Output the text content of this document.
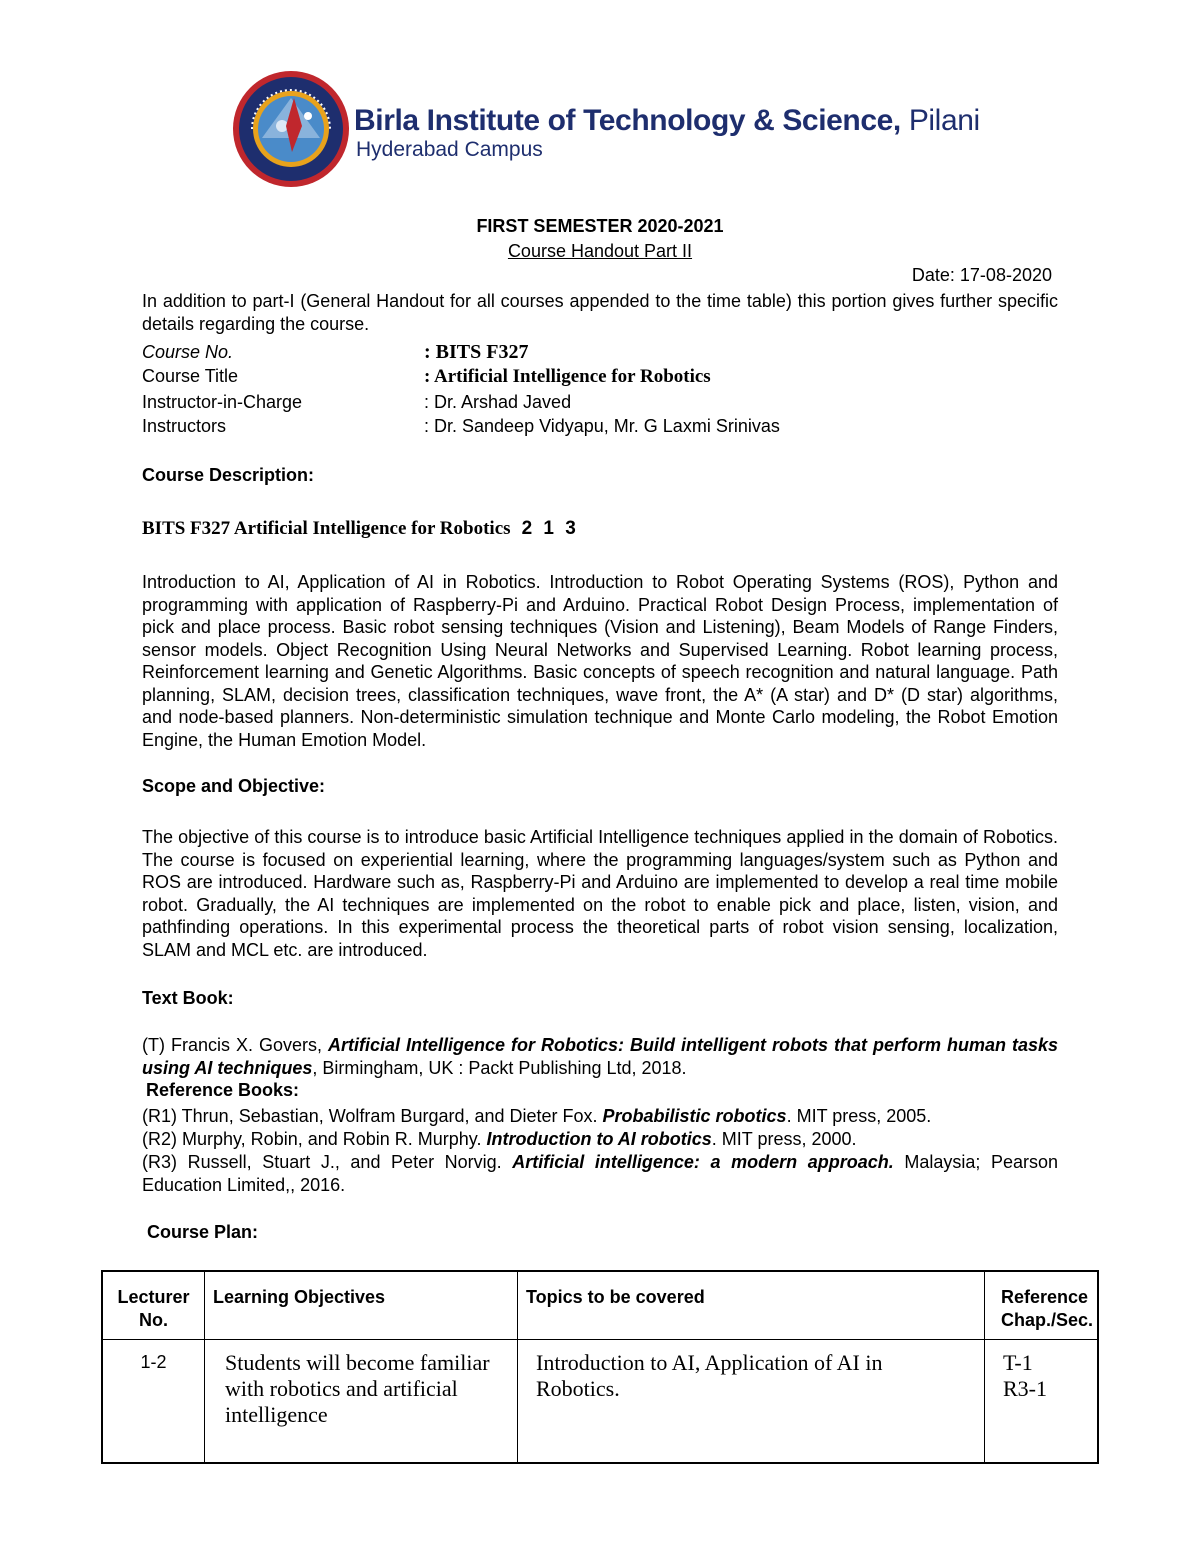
Birla Institute of Technology & Science, Pilani
Hyderabad Campus
FIRST SEMESTER 2020-2021
Course Handout Part II
Date: 17-08-2020
In addition to part-I (General Handout for all courses appended to the time table) this portion gives further specific details regarding the course.
Course No.	: BITS F327
Course Title	: Artificial Intelligence for Robotics
Instructor-in-Charge	: Dr. Arshad Javed
Instructors	: Dr. Sandeep Vidyapu, Mr. G Laxmi Srinivas
Course Description:
BITS F327 Artificial Intelligence for Robotics 2 1 3
Introduction to AI, Application of AI in Robotics. Introduction to Robot Operating Systems (ROS), Python and programming with application of Raspberry-Pi and Arduino. Practical Robot Design Process, implementation of pick and place process. Basic robot sensing techniques (Vision and Listening), Beam Models of Range Finders, sensor models. Object Recognition Using Neural Networks and Supervised Learning. Robot learning process, Reinforcement learning and Genetic Algorithms. Basic concepts of speech recognition and natural language. Path planning, SLAM, decision trees, classification techniques, wave front, the A* (A star) and D* (D star) algorithms, and node-based planners. Non-deterministic simulation technique and Monte Carlo modeling, the Robot Emotion Engine, the Human Emotion Model.
Scope and Objective:
The objective of this course is to introduce basic Artificial Intelligence techniques applied in the domain of Robotics. The course is focused on experiential learning, where the programming languages/system such as Python and ROS are introduced. Hardware such as, Raspberry-Pi and Arduino are implemented to develop a real time mobile robot. Gradually, the AI techniques are implemented on the robot to enable pick and place, listen, vision, and pathfinding operations. In this experimental process the theoretical parts of robot vision sensing, localization, SLAM and MCL etc. are introduced.
Text Book:
(T) Francis X. Govers, Artificial Intelligence for Robotics: Build intelligent robots that perform human tasks using AI techniques, Birmingham, UK : Packt Publishing Ltd, 2018.
Reference Books:
(R1) Thrun, Sebastian, Wolfram Burgard, and Dieter Fox. Probabilistic robotics. MIT press, 2005.
(R2) Murphy, Robin, and Robin R. Murphy. Introduction to AI robotics. MIT press, 2000.
(R3) Russell, Stuart J., and Peter Norvig. Artificial intelligence: a modern approach. Malaysia; Pearson Education Limited,, 2016.
Course Plan:
Lecturer No.	Learning Objectives	Topics to be covered	Reference Chap./Sec.
1-2	Students will become familiar with robotics and artificial intelligence	Introduction to AI, Application of AI in Robotics.	T-1
R3-1
